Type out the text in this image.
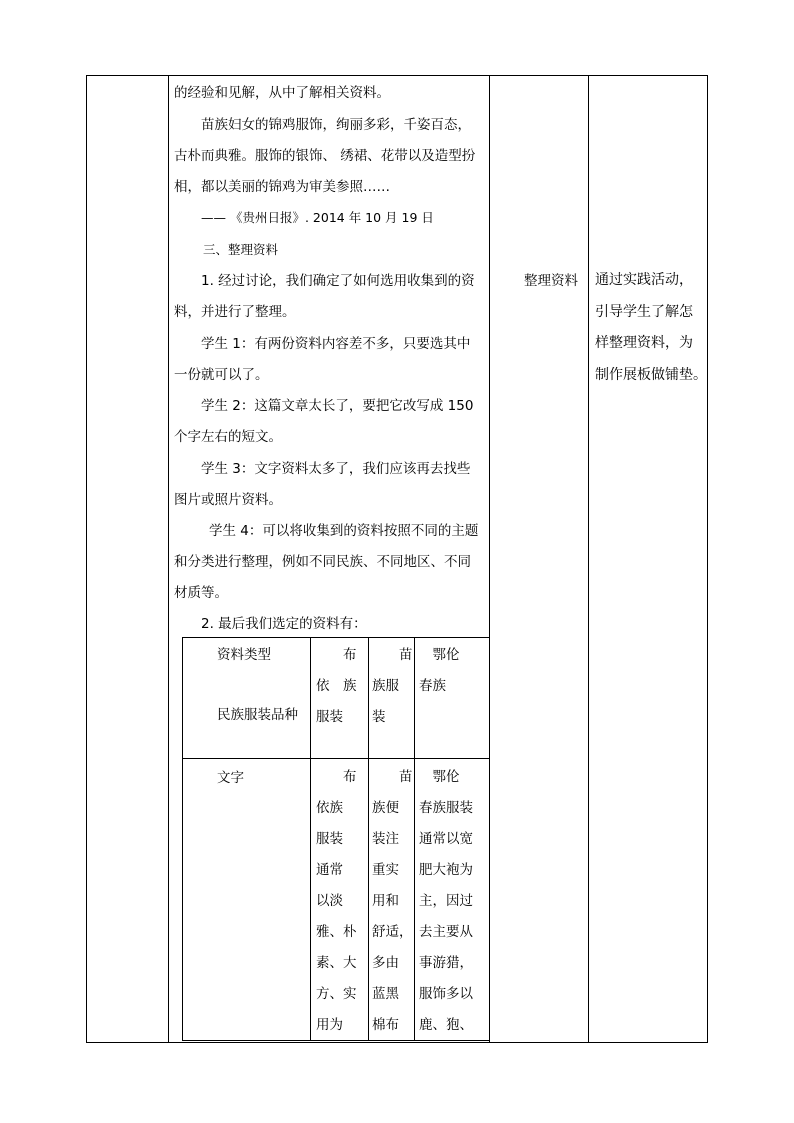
的经验和见解，从中了解相关资料。
苗族妇女的锦鸡服饰，绚丽多彩，千姿百态，
古朴而典雅。服饰的银饰、 绣裙、花带以及造型扮
相，都以美丽的锦鸡为审美参照……
—— 《贵州日报》. 2014 年 10 月 19 日
三、整理资料
1. 经过讨论，我们确定了如何选用收集到的资
料，并进行了整理。
学生 1：有两份资料内容差不多，只要选其中
一份就可以了。
学生 2：这篇文章太长了，要把它改写成 150
个字左右的短文。
学生 3：文字资料太多了，我们应该再去找些
图片或照片资料。
学生 4：可以将收集到的资料按照不同的主题
和分类进行整理，例如不同民族、不同地区、不同
材质等。
2. 最后我们选定的资料有：
整理资料 通过实践活动，
引导学生了解怎
样整理资料，为
制作展板做铺垫。
资料类型
民族服装品种
　　布
依　族
服装
　　苗
族服
装
　鄂伦
春族
文字	　　布
依族
服装
通常
以淡
雅、朴
素、大
方、实
用为
　　苗
族便
装注
重实
用和
舒适，
多由
蓝黑
棉布
　鄂伦
春族服装
通常以宽
肥大袍为
主，因过
去主要从
事游猎，
服饰多以
鹿、狍、
